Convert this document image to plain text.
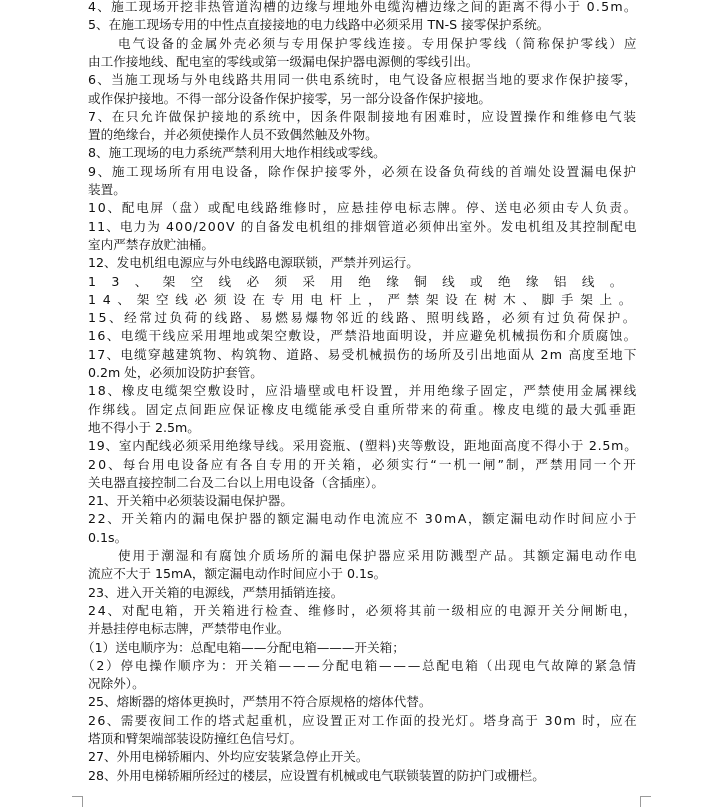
4、施工现场开挖非热管道沟槽的边缘与埋地外电缆沟槽边缘之间的距离不得小于 0.5m。
5、在施工现场专用的中性点直接接地的电力线路中必须采用 TN-S 接零保护系统。
电气设备的金属外壳必须与专用保护零线连接。专用保护零线（简称保护零线）应
由工作接地线、配电室的零线或第一级漏电保护器电源侧的零线引出。
6、当施工现场与外电线路共用同一供电系统时，电气设备应根据当地的要求作保护接零，
或作保护接地。不得一部分设备作保护接零，另一部分设备作保护接地。
7、在只允许做保护接地的系统中，因条件限制接地有困难时，应设置操作和维修电气装
置的绝缘台，并必须使操作人员不致偶然触及外物。
8、施工现场的电力系统严禁利用大地作相线或零线。
9、施工现场所有用电设备，除作保护接零外，必须在设备负荷线的首端处设置漏电保护
装置。
10、配电屏（盘）或配电线路维修时，应悬挂停电标志牌。停、送电必须由专人负责。
11、电力为 400/200V 的自备发电机组的排烟管道必须伸出室外。发电机组及其控制配电
室内严禁存放贮油桶。
12、发电机组电源应与外电线路电源联锁，严禁并列运行。
13、架空线必须采用绝缘铜线或绝缘铝线。
14、架空线必须设在专用电杆上，严禁架设在树木、脚手架上。
15、经常过负荷的线路、易燃易爆物邻近的线路、照明线路，必须有过负荷保护。
16、电缆干线应采用埋地或架空敷设，严禁沿地面明设，并应避免机械损伤和介质腐蚀。
17、电缆穿越建筑物、构筑物、道路、易受机械损伤的场所及引出地面从 2m 高度至地下
0.2m 处，必须加设防护套管。
18、橡皮电缆架空敷设时，应沿墙壁或电杆设置，并用绝缘子固定，严禁使用金属裸线
作绑线。固定点间距应保证橡皮电缆能承受自重所带来的荷重。橡皮电缆的最大弧垂距
地不得小于 2.5m。
19、室内配线必须采用绝缘导线。采用瓷瓶、(塑料)夹等敷设，距地面高度不得小于 2.5m。
20、每台用电设备应有各自专用的开关箱，必须实行“一机一闸”制，严禁用同一个开
关电器直接控制二台及二台以上用电设备（含插座）。
21、开关箱中必须装设漏电保护器。
22、开关箱内的漏电保护器的额定漏电动作电流应不 30mA，额定漏电动作时间应小于
0.1s。
使用于潮湿和有腐蚀介质场所的漏电保护器应采用防溅型产品。其额定漏电动作电
流应不大于 15mA，额定漏电动作时间应小于 0.1s。
23、进入开关箱的电源线，严禁用插销连接。
24、对配电箱，开关箱进行检查、维修时，必须将其前一级相应的电源开关分闸断电，
并悬挂停电标志牌，严禁带电作业。
（1）送电顺序为：总配电箱——分配电箱———开关箱；
（2）停电操作顺序为：开关箱———分配电箱———总配电箱（出现电气故障的紧急情
况除外）。
25、熔断器的熔体更换时，严禁用不符合原规格的熔体代替。
26、需要夜间工作的塔式起重机，应设置正对工作面的投光灯。塔身高于 30m 时，应在
塔顶和臂架端部装设防撞红色信号灯。
27、外用电梯轿厢内、外均应安装紧急停止开关。
28、外用电梯轿厢所经过的楼层，应设置有机械或电气联锁装置的防护门或栅栏。
